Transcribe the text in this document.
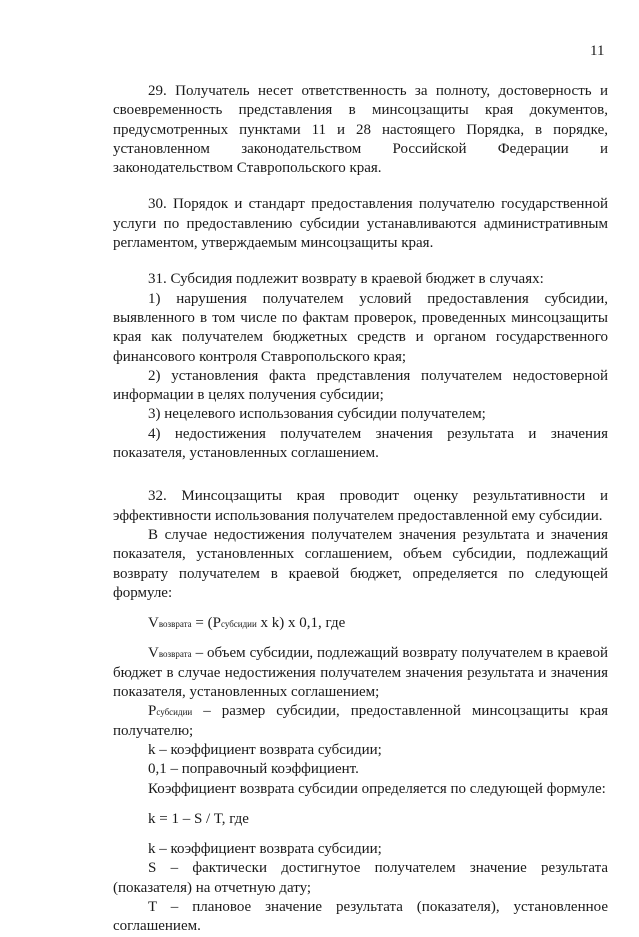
11

29. Получатель несет ответственность за полноту, достоверность и своевременность представления в минсоцзащиты края документов, предусмотренных пунктами 11 и 28 настоящего Порядка, в порядке, установленном законодательством Российской Федерации и законодательством Ставропольского края.

30. Порядок и стандарт предоставления получателю государственной услуги по предоставлению субсидии устанавливаются административным регламентом, утверждаемым минсоцзащиты края.

31. Субсидия подлежит возврату в краевой бюджет в случаях:

1) нарушения получателем условий предоставления субсидии, выявленного в том числе по фактам проверок, проведенных минсоцзащиты края как получателем бюджетных средств и органом государственного финансового контроля Ставропольского края;

2) установления факта представления получателем недостоверной информации в целях получения субсидии;

3) нецелевого использования субсидии получателем;

4) недостижения получателем значения результата и значения показателя, установленных соглашением.

32. Минсоцзащиты края проводит оценку результативности и эффективности использования получателем предоставленной ему субсидии.

В случае недостижения получателем значения результата и значения показателя, установленных соглашением, объем субсидии, подлежащий возврату получателем в краевой бюджет, определяется по следующей формуле:

Vвозврата = (Pсубсидии x k) x 0,1, где

Vвозврата – объем субсидии, подлежащий возврату получателем в краевой бюджет в случае недостижения получателем значения результата и значения показателя, установленных соглашением;

Pсубсидии – размер субсидии, предоставленной минсоцзащиты края получателю;

k – коэффициент возврата субсидии;

0,1 – поправочный коэффициент.

Коэффициент возврата субсидии определяется по следующей формуле:

k = 1 – S / T, где

k – коэффициент возврата субсидии;

S – фактически достигнутое получателем значение результата (показателя) на отчетную дату;

T – плановое значение результата (показателя), установленное соглашением.
